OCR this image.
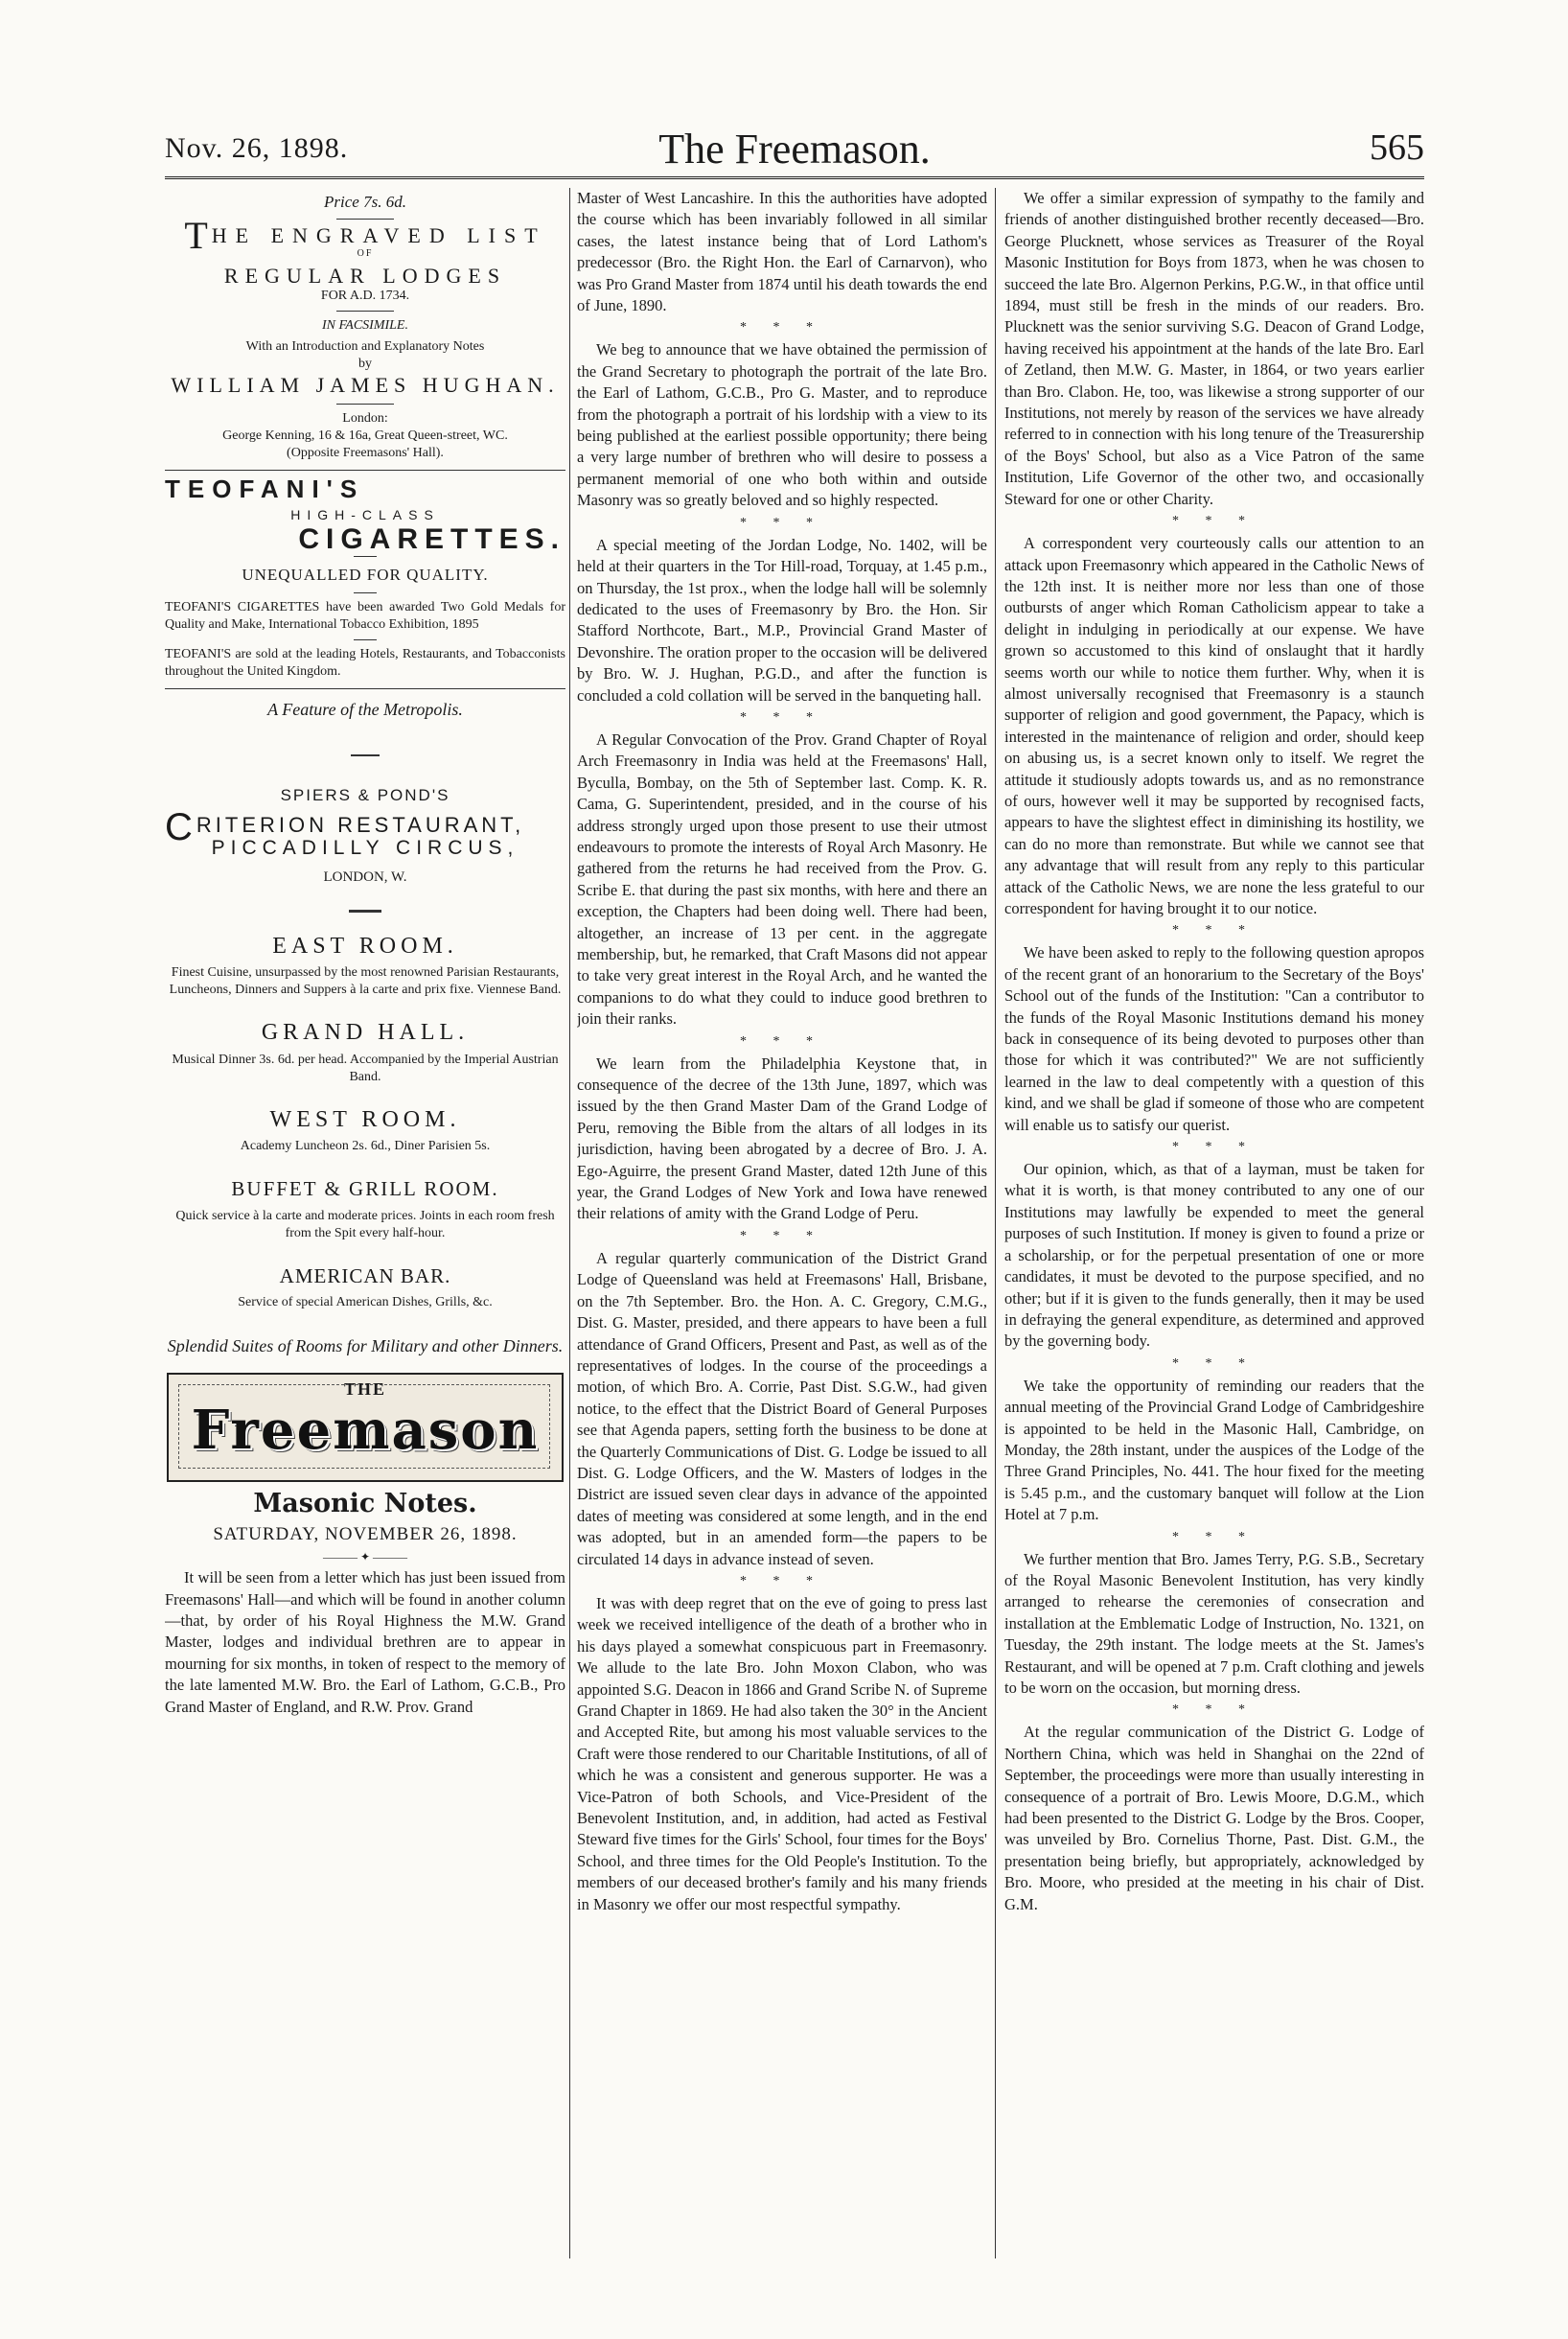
Nov. 26, 1898.	The Freemason.	565
Price 7s. 6d.
THE ENGRAVED LIST
OF
REGULAR LODGES
FOR A.D. 1734.
IN FACSIMILE.
With an Introduction and Explanatory Notes
by
WILLIAM JAMES HUGHAN.
London:
George Kenning, 16 & 16a, Great Queen-street, WC.
(Opposite Freemasons' Hall).
TEOFANI'S
HIGH-CLASS
CIGARETTES.
UNEQUALLED FOR QUALITY.
TEOFANI'S CIGARETTES have been awarded Two Gold Medals for Quality and Make, International Tobacco Exhibition, 1895
TEOFANI'S are sold at the leading Hotels, Restaurants, and Tobacconists throughout the United Kingdom.
A Feature of the Metropolis.
SPIERS & POND'S
CRITERION RESTAURANT,
PICCADILLY CIRCUS,
LONDON, W.
EAST ROOM.
Finest Cuisine, unsurpassed by the most renowned Parisian Restaurants, Luncheons, Dinners and Suppers à la carte and prix fixe. Viennese Band.
GRAND HALL.
Musical Dinner 3s. 6d. per head. Accompanied by the Imperial Austrian Band.
WEST ROOM.
Academy Luncheon 2s. 6d., Diner Parisien 5s.
BUFFET & GRILL ROOM.
Quick service à la carte and moderate prices. Joints in each room fresh from the Spit every half-hour.
AMERICAN BAR.
Service of special American Dishes, Grills, &c.
Splendid Suites of Rooms for Military and other Dinners.
THE
Freemason
Masonic Notes.
SATURDAY, NOVEMBER 26, 1898.
——— ✦ ———

It will be seen from a letter which has just been issued from Freemasons' Hall—and which will be found in another column—that, by order of his Royal Highness the M.W. Grand Master, lodges and individual brethren are to appear in mourning for six months, in token of respect to the memory of the late lamented M.W. Bro. the Earl of Lathom, G.C.B., Pro Grand Master of England, and R.W. Prov. Grand

Master of West Lancashire. In this the authorities have adopted the course which has been invariably followed in all similar cases, the latest instance being that of Lord Lathom's predecessor (Bro. the Right Hon. the Earl of Carnarvon), who was Pro Grand Master from 1874 until his death towards the end of June, 1890.

* * *

We beg to announce that we have obtained the permission of the Grand Secretary to photograph the portrait of the late Bro. the Earl of Lathom, G.C.B., Pro G. Master, and to reproduce from the photograph a portrait of his lordship with a view to its being published at the earliest possible opportunity; there being a very large number of brethren who will desire to possess a permanent memorial of one who both within and outside Masonry was so greatly beloved and so highly respected.

* * *

A special meeting of the Jordan Lodge, No. 1402, will be held at their quarters in the Tor Hill-road, Torquay, at 1.45 p.m., on Thursday, the 1st prox., when the lodge hall will be solemnly dedicated to the uses of Freemasonry by Bro. the Hon. Sir Stafford Northcote, Bart., M.P., Provincial Grand Master of Devonshire. The oration proper to the occasion will be delivered by Bro. W. J. Hughan, P.G.D., and after the function is concluded a cold collation will be served in the banqueting hall.

* * *

A Regular Convocation of the Prov. Grand Chapter of Royal Arch Freemasonry in India was held at the Freemasons' Hall, Byculla, Bombay, on the 5th of September last. Comp. K. R. Cama, G. Superintendent, presided, and in the course of his address strongly urged upon those present to use their utmost endeavours to promote the interests of Royal Arch Masonry. He gathered from the returns he had received from the Prov. G. Scribe E. that during the past six months, with here and there an exception, the Chapters had been doing well. There had been, altogether, an increase of 13 per cent. in the aggregate membership, but, he remarked, that Craft Masons did not appear to take very great interest in the Royal Arch, and he wanted the companions to do what they could to induce good brethren to join their ranks.

* * *

We learn from the Philadelphia Keystone that, in consequence of the decree of the 13th June, 1897, which was issued by the then Grand Master Dam of the Grand Lodge of Peru, removing the Bible from the altars of all lodges in its jurisdiction, having been abrogated by a decree of Bro. J. A. Ego-Aguirre, the present Grand Master, dated 12th June of this year, the Grand Lodges of New York and Iowa have renewed their relations of amity with the Grand Lodge of Peru.

* * *

A regular quarterly communication of the District Grand Lodge of Queensland was held at Freemasons' Hall, Brisbane, on the 7th September. Bro. the Hon. A. C. Gregory, C.M.G., Dist. G. Master, presided, and there appears to have been a full attendance of Grand Officers, Present and Past, as well as of the representatives of lodges. In the course of the proceedings a motion, of which Bro. A. Corrie, Past Dist. S.G.W., had given notice, to the effect that the District Board of General Purposes see that Agenda papers, setting forth the business to be done at the Quarterly Communications of Dist. G. Lodge be issued to all Dist. G. Lodge Officers, and the W. Masters of lodges in the District are issued seven clear days in advance of the appointed dates of meeting was considered at some length, and in the end was adopted, but in an amended form—the papers to be circulated 14 days in advance instead of seven.

* * *

It was with deep regret that on the eve of going to press last week we received intelligence of the death of a brother who in his days played a somewhat conspicuous part in Freemasonry. We allude to the late Bro. John Moxon Clabon, who was appointed S.G. Deacon in 1866 and Grand Scribe N. of Supreme Grand Chapter in 1869. He had also taken the 30° in the Ancient and Accepted Rite, but among his most valuable services to the Craft were those rendered to our Charitable Institutions, of all of which he was a consistent and generous supporter. He was a Vice-Patron of both Schools, and Vice-President of the Benevolent Institution, and, in addition, had acted as Festival Steward five times for the Girls' School, four times for the Boys' School, and three times for the Old People's Institution. To the members of our deceased brother's family and his many friends in Masonry we offer our most respectful sympathy.

We offer a similar expression of sympathy to the family and friends of another distinguished brother recently deceased—Bro. George Plucknett, whose services as Treasurer of the Royal Masonic Institution for Boys from 1873, when he was chosen to succeed the late Bro. Algernon Perkins, P.G.W., in that office until 1894, must still be fresh in the minds of our readers. Bro. Plucknett was the senior surviving S.G. Deacon of Grand Lodge, having received his appointment at the hands of the late Bro. Earl of Zetland, then M.W. G. Master, in 1864, or two years earlier than Bro. Clabon. He, too, was likewise a strong supporter of our Institutions, not merely by reason of the services we have already referred to in connection with his long tenure of the Treasurership of the Boys' School, but also as a Vice Patron of the same Institution, Life Governor of the other two, and occasionally Steward for one or other Charity.

* * *

A correspondent very courteously calls our attention to an attack upon Freemasonry which appeared in the Catholic News of the 12th inst. It is neither more nor less than one of those outbursts of anger which Roman Catholicism appear to take a delight in indulging in periodically at our expense. We have grown so accustomed to this kind of onslaught that it hardly seems worth our while to notice them further. Why, when it is almost universally recognised that Freemasonry is a staunch supporter of religion and good government, the Papacy, which is interested in the maintenance of religion and order, should keep on abusing us, is a secret known only to itself. We regret the attitude it studiously adopts towards us, and as no remonstrance of ours, however well it may be supported by recognised facts, appears to have the slightest effect in diminishing its hostility, we can do no more than remonstrate. But while we cannot see that any advantage that will result from any reply to this particular attack of the Catholic News, we are none the less grateful to our correspondent for having brought it to our notice.

* * *

We have been asked to reply to the following question apropos of the recent grant of an honorarium to the Secretary of the Boys' School out of the funds of the Institution: "Can a contributor to the funds of the Royal Masonic Institutions demand his money back in consequence of its being devoted to purposes other than those for which it was contributed?" We are not sufficiently learned in the law to deal competently with a question of this kind, and we shall be glad if someone of those who are competent will enable us to satisfy our querist.

* * *

Our opinion, which, as that of a layman, must be taken for what it is worth, is that money contributed to any one of our Institutions may lawfully be expended to meet the general purposes of such Institution. If money is given to found a prize or a scholarship, or for the perpetual presentation of one or more candidates, it must be devoted to the purpose specified, and no other; but if it is given to the funds generally, then it may be used in defraying the general expenditure, as determined and approved by the governing body.

* * *

We take the opportunity of reminding our readers that the annual meeting of the Provincial Grand Lodge of Cambridgeshire is appointed to be held in the Masonic Hall, Cambridge, on Monday, the 28th instant, under the auspices of the Lodge of the Three Grand Principles, No. 441. The hour fixed for the meeting is 5.45 p.m., and the customary banquet will follow at the Lion Hotel at 7 p.m.

* * *

We further mention that Bro. James Terry, P.G. S.B., Secretary of the Royal Masonic Benevolent Institution, has very kindly arranged to rehearse the ceremonies of consecration and installation at the Emblematic Lodge of Instruction, No. 1321, on Tuesday, the 29th instant. The lodge meets at the St. James's Restaurant, and will be opened at 7 p.m. Craft clothing and jewels to be worn on the occasion, but morning dress.

* * *

At the regular communication of the District G. Lodge of Northern China, which was held in Shanghai on the 22nd of September, the proceedings were more than usually interesting in consequence of a portrait of Bro. Lewis Moore, D.G.M., which had been presented to the District G. Lodge by the Bros. Cooper, was unveiled by Bro. Cornelius Thorne, Past. Dist. G.M., the presentation being briefly, but appropriately, acknowledged by Bro. Moore, who presided at the meeting in his chair of Dist. G.M.
